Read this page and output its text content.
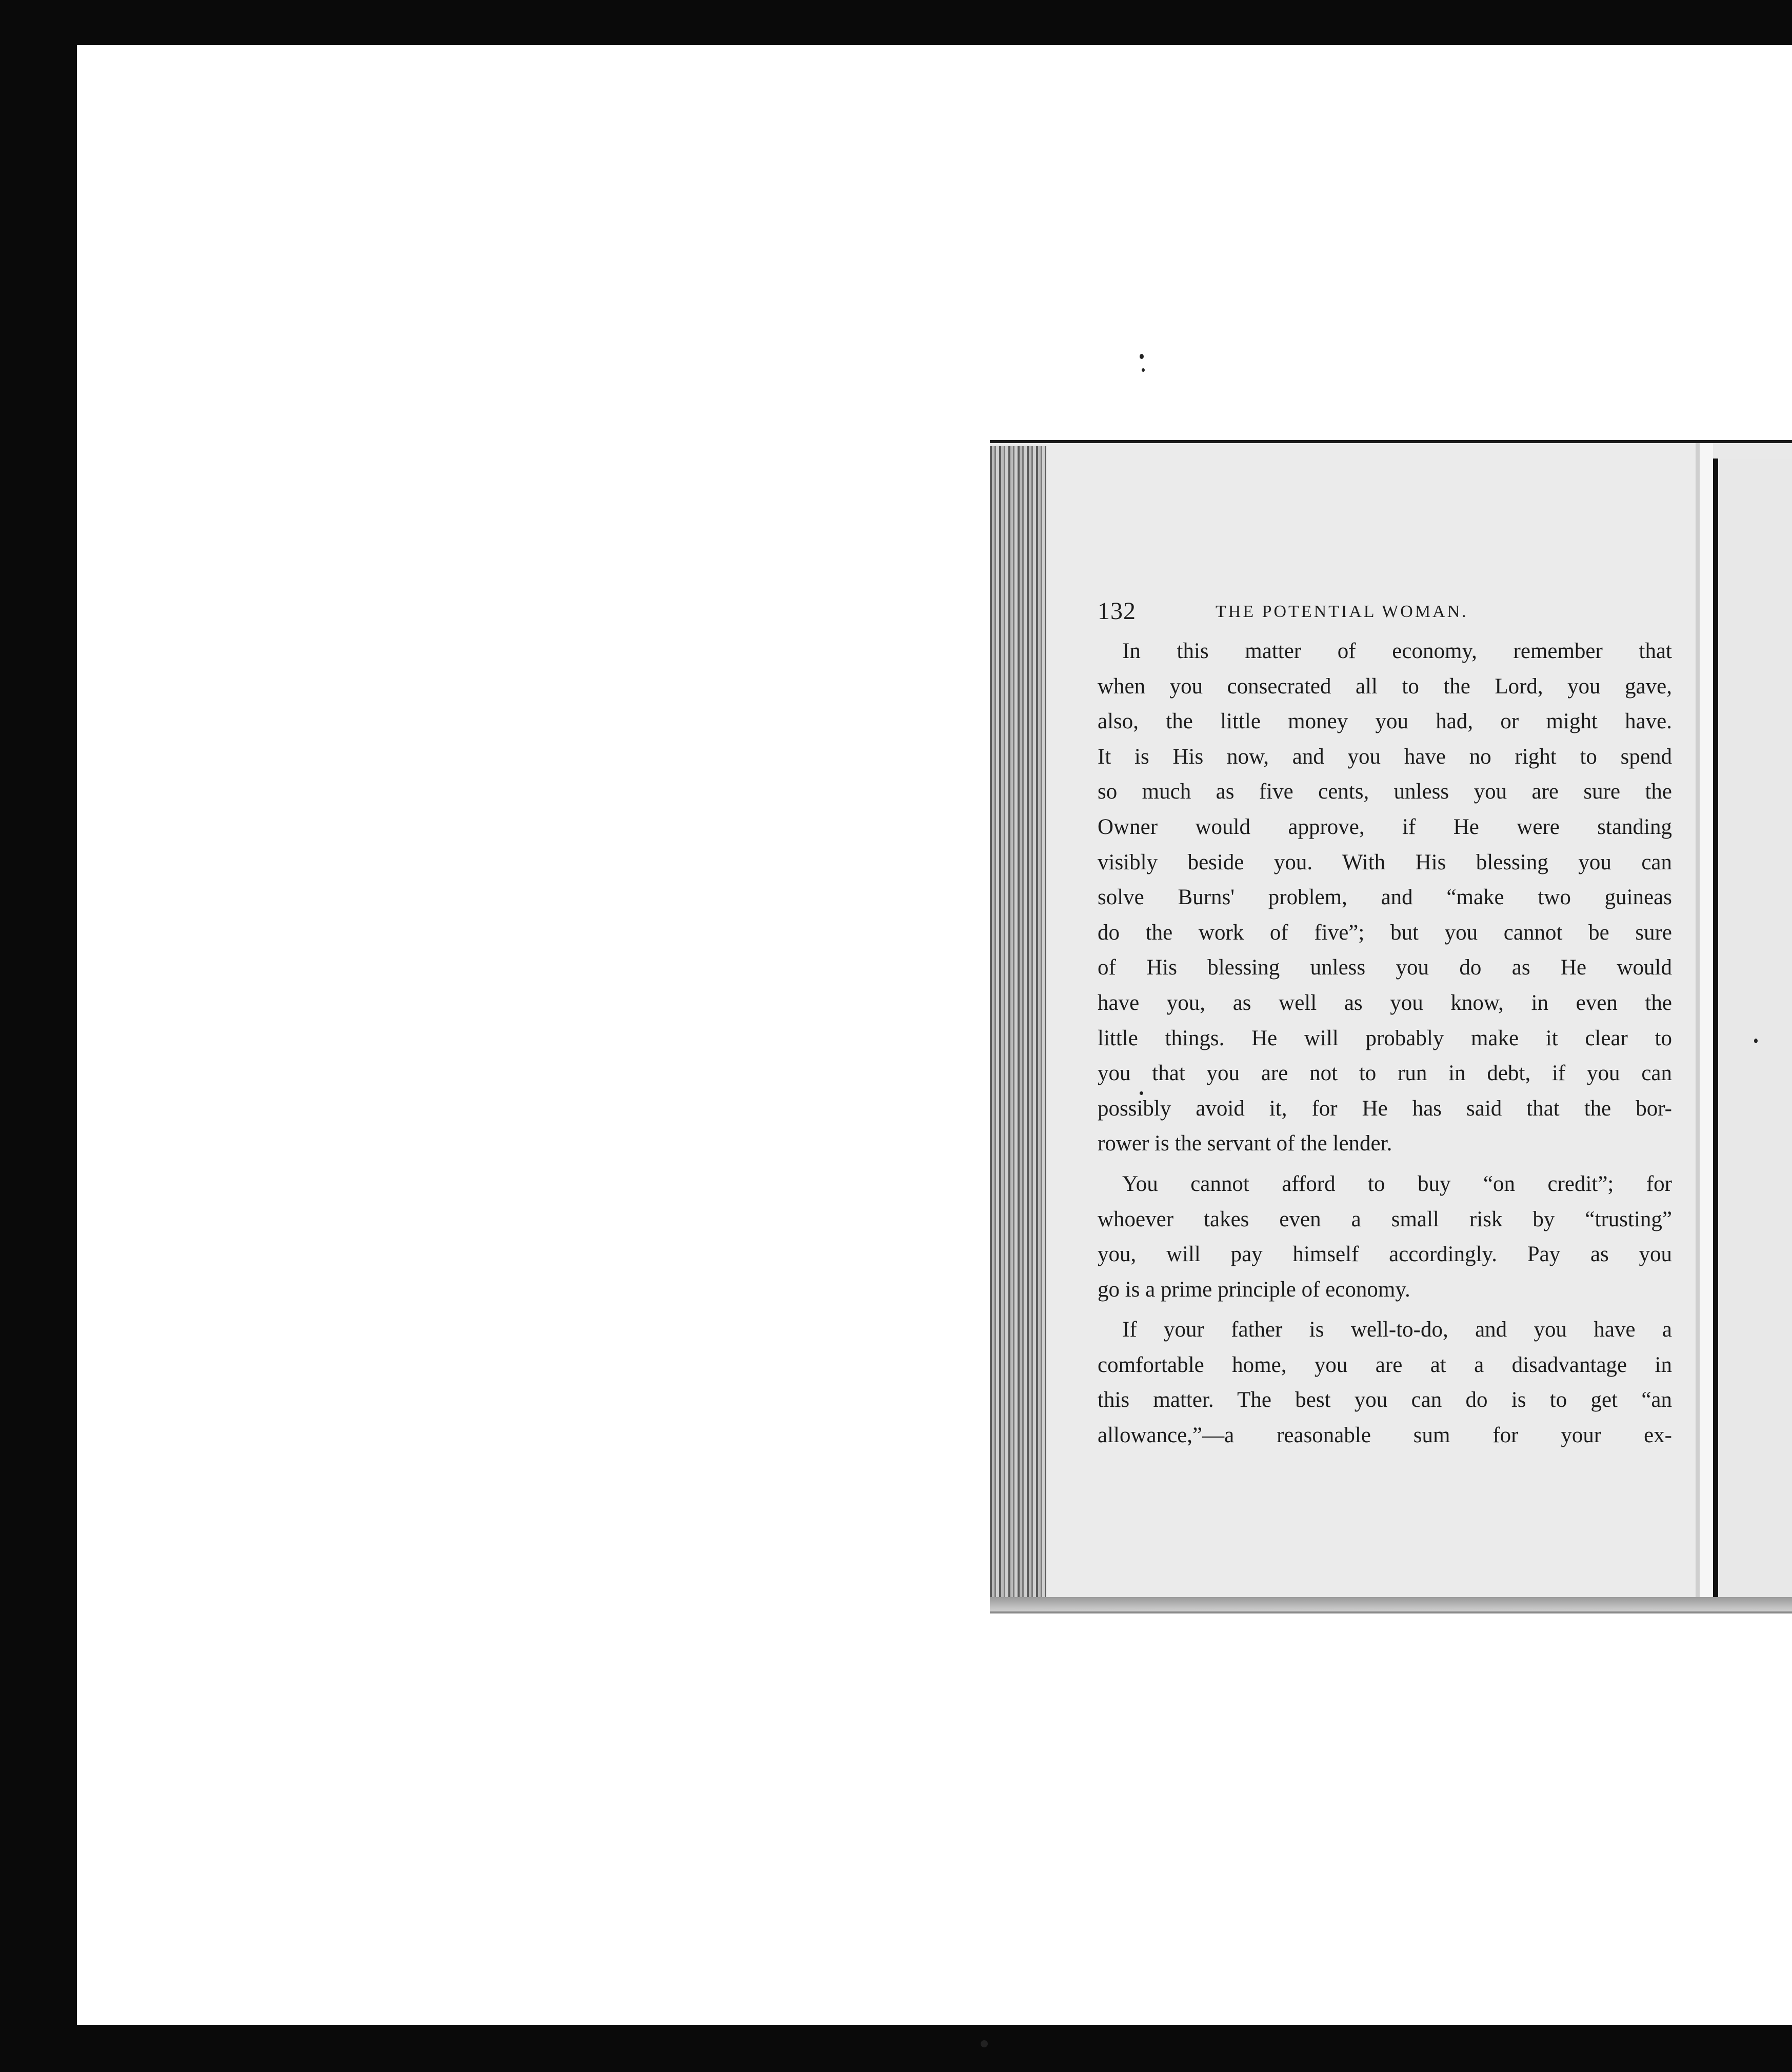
132	THE POTENTIAL WOMAN.
In this matter of economy, remember that
when you consecrated all to the Lord, you gave,
also, the little money you had, or might have.
It is His now, and you have no right to spend
so much as five cents, unless you are sure the
Owner would approve, if He were standing
visibly beside you. With His blessing you can
solve Burns' problem, and “make two guineas
do the work of five”; but you cannot be sure
of His blessing unless you do as He would
have you, as well as you know, in even the
little things. He will probably make it clear to
you that you are not to run in debt, if you can
possibly avoid it, for He has said that the bor-
rower is the servant of the lender.
You cannot afford to buy “on credit”; for
whoever takes even a small risk by “trusting”
you, will pay himself accordingly. Pay as you
go is a prime principle of economy.
If your father is well-to-do, and you have a
comfortable home, you are at a disadvantage in
this matter. The best you can do is to get “an
allowance,”—a reasonable sum for your ex-
